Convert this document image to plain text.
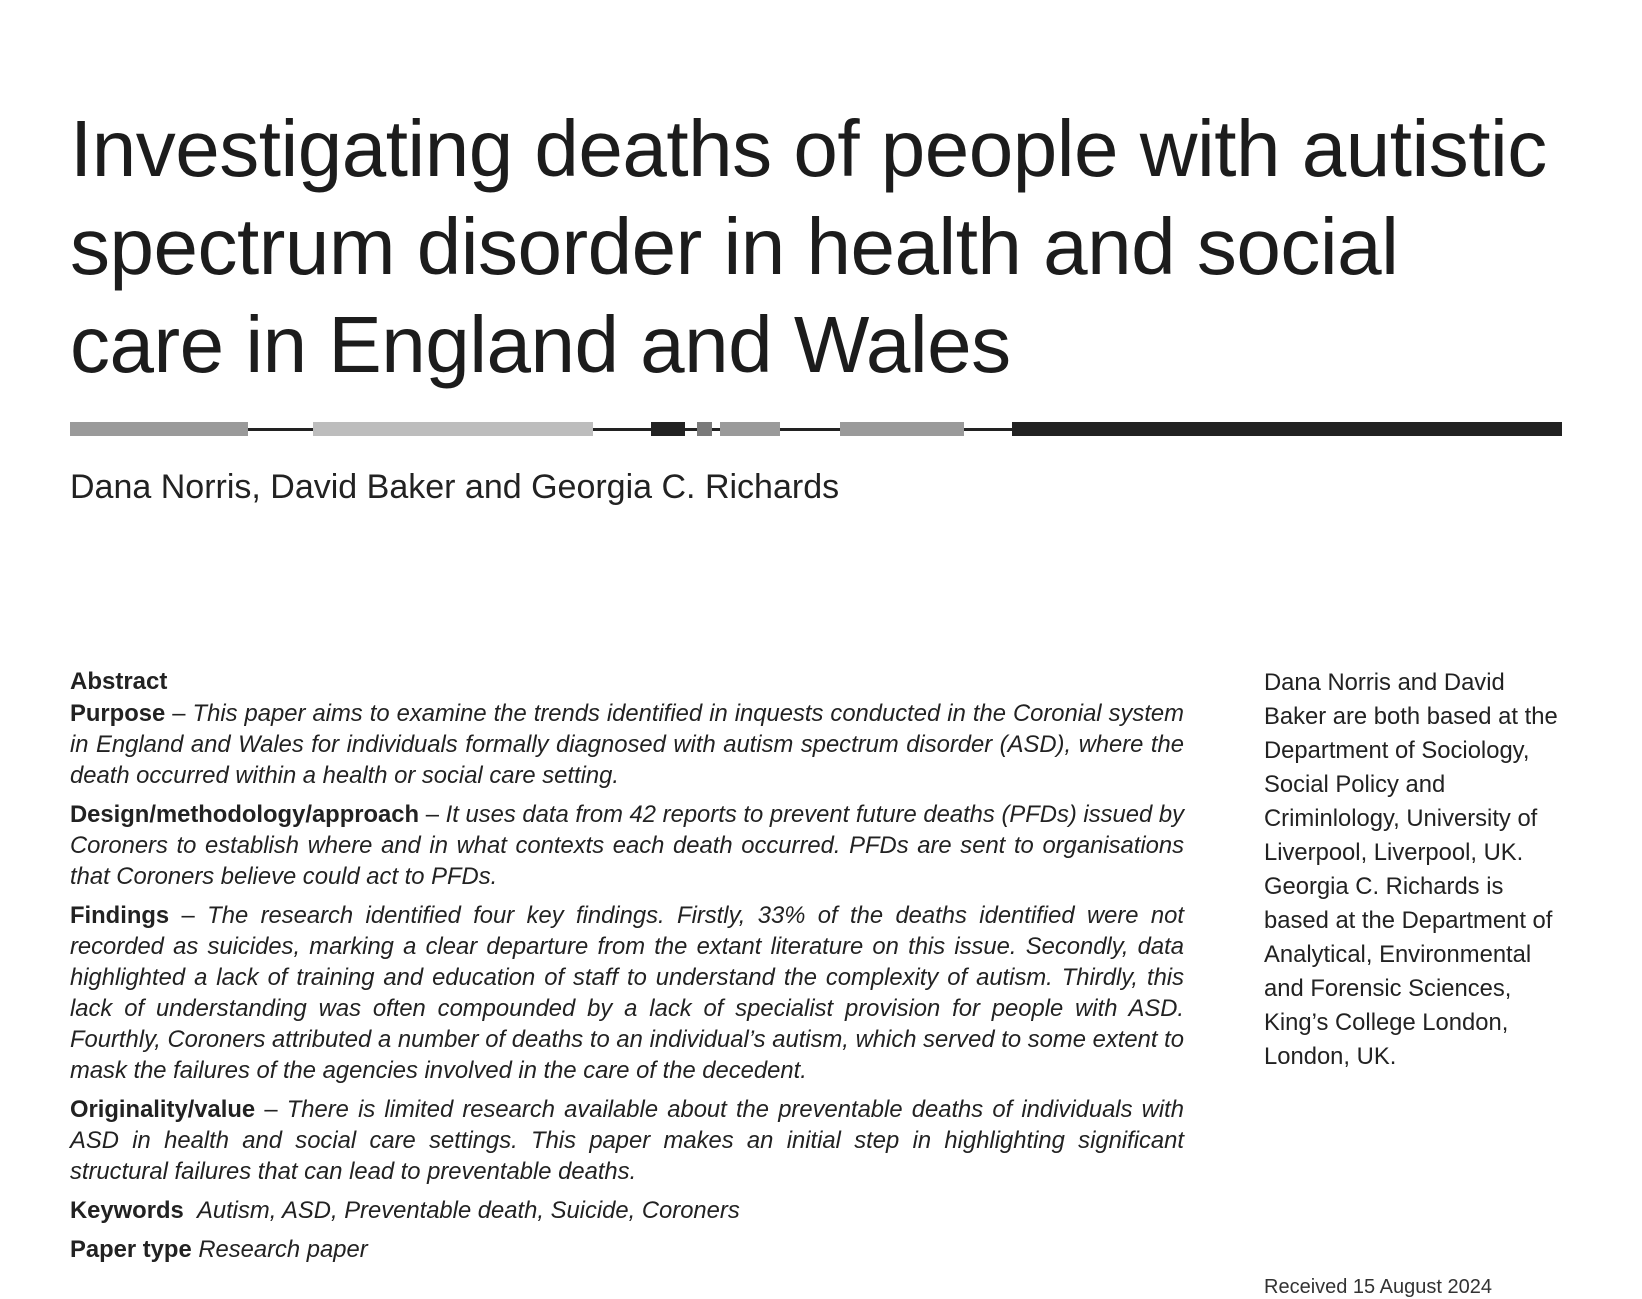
Investigating deaths of people with autistic
spectrum disorder in health and social
care in England and Wales

Dana Norris, David Baker and Georgia C. Richards

Abstract

Purpose – This paper aims to examine the trends identified in inquests conducted in the Coronial system in England and Wales for individuals formally diagnosed with autism spectrum disorder (ASD), where the death occurred within a health or social care setting.

Design/methodology/approach – It uses data from 42 reports to prevent future deaths (PFDs) issued by Coroners to establish where and in what contexts each death occurred. PFDs are sent to organisations that Coroners believe could act to PFDs.

Findings – The research identified four key findings. Firstly, 33% of the deaths identified were not recorded as suicides, marking a clear departure from the extant literature on this issue. Secondly, data highlighted a lack of training and education of staff to understand the complexity of autism. Thirdly, this lack of understanding was often compounded by a lack of specialist provision for people with ASD. Fourthly, Coroners attributed a number of deaths to an individual’s autism, which served to some extent to mask the failures of the agencies involved in the care of the decedent.

Originality/value – There is limited research available about the preventable deaths of individuals with ASD in health and social care settings. This paper makes an initial step in highlighting significant structural failures that can lead to preventable deaths.

Keywords Autism, ASD, Preventable death, Suicide, Coroners
Paper type Research paper
Dana Norris and David
Baker are both based at the
Department of Sociology,
Social Policy and
Criminlology, University of
Liverpool, Liverpool, UK.
Georgia C. Richards is
based at the Department of
Analytical, Environmental
and Forensic Sciences,
King’s College London,
London, UK.

Received 15 August 2024
